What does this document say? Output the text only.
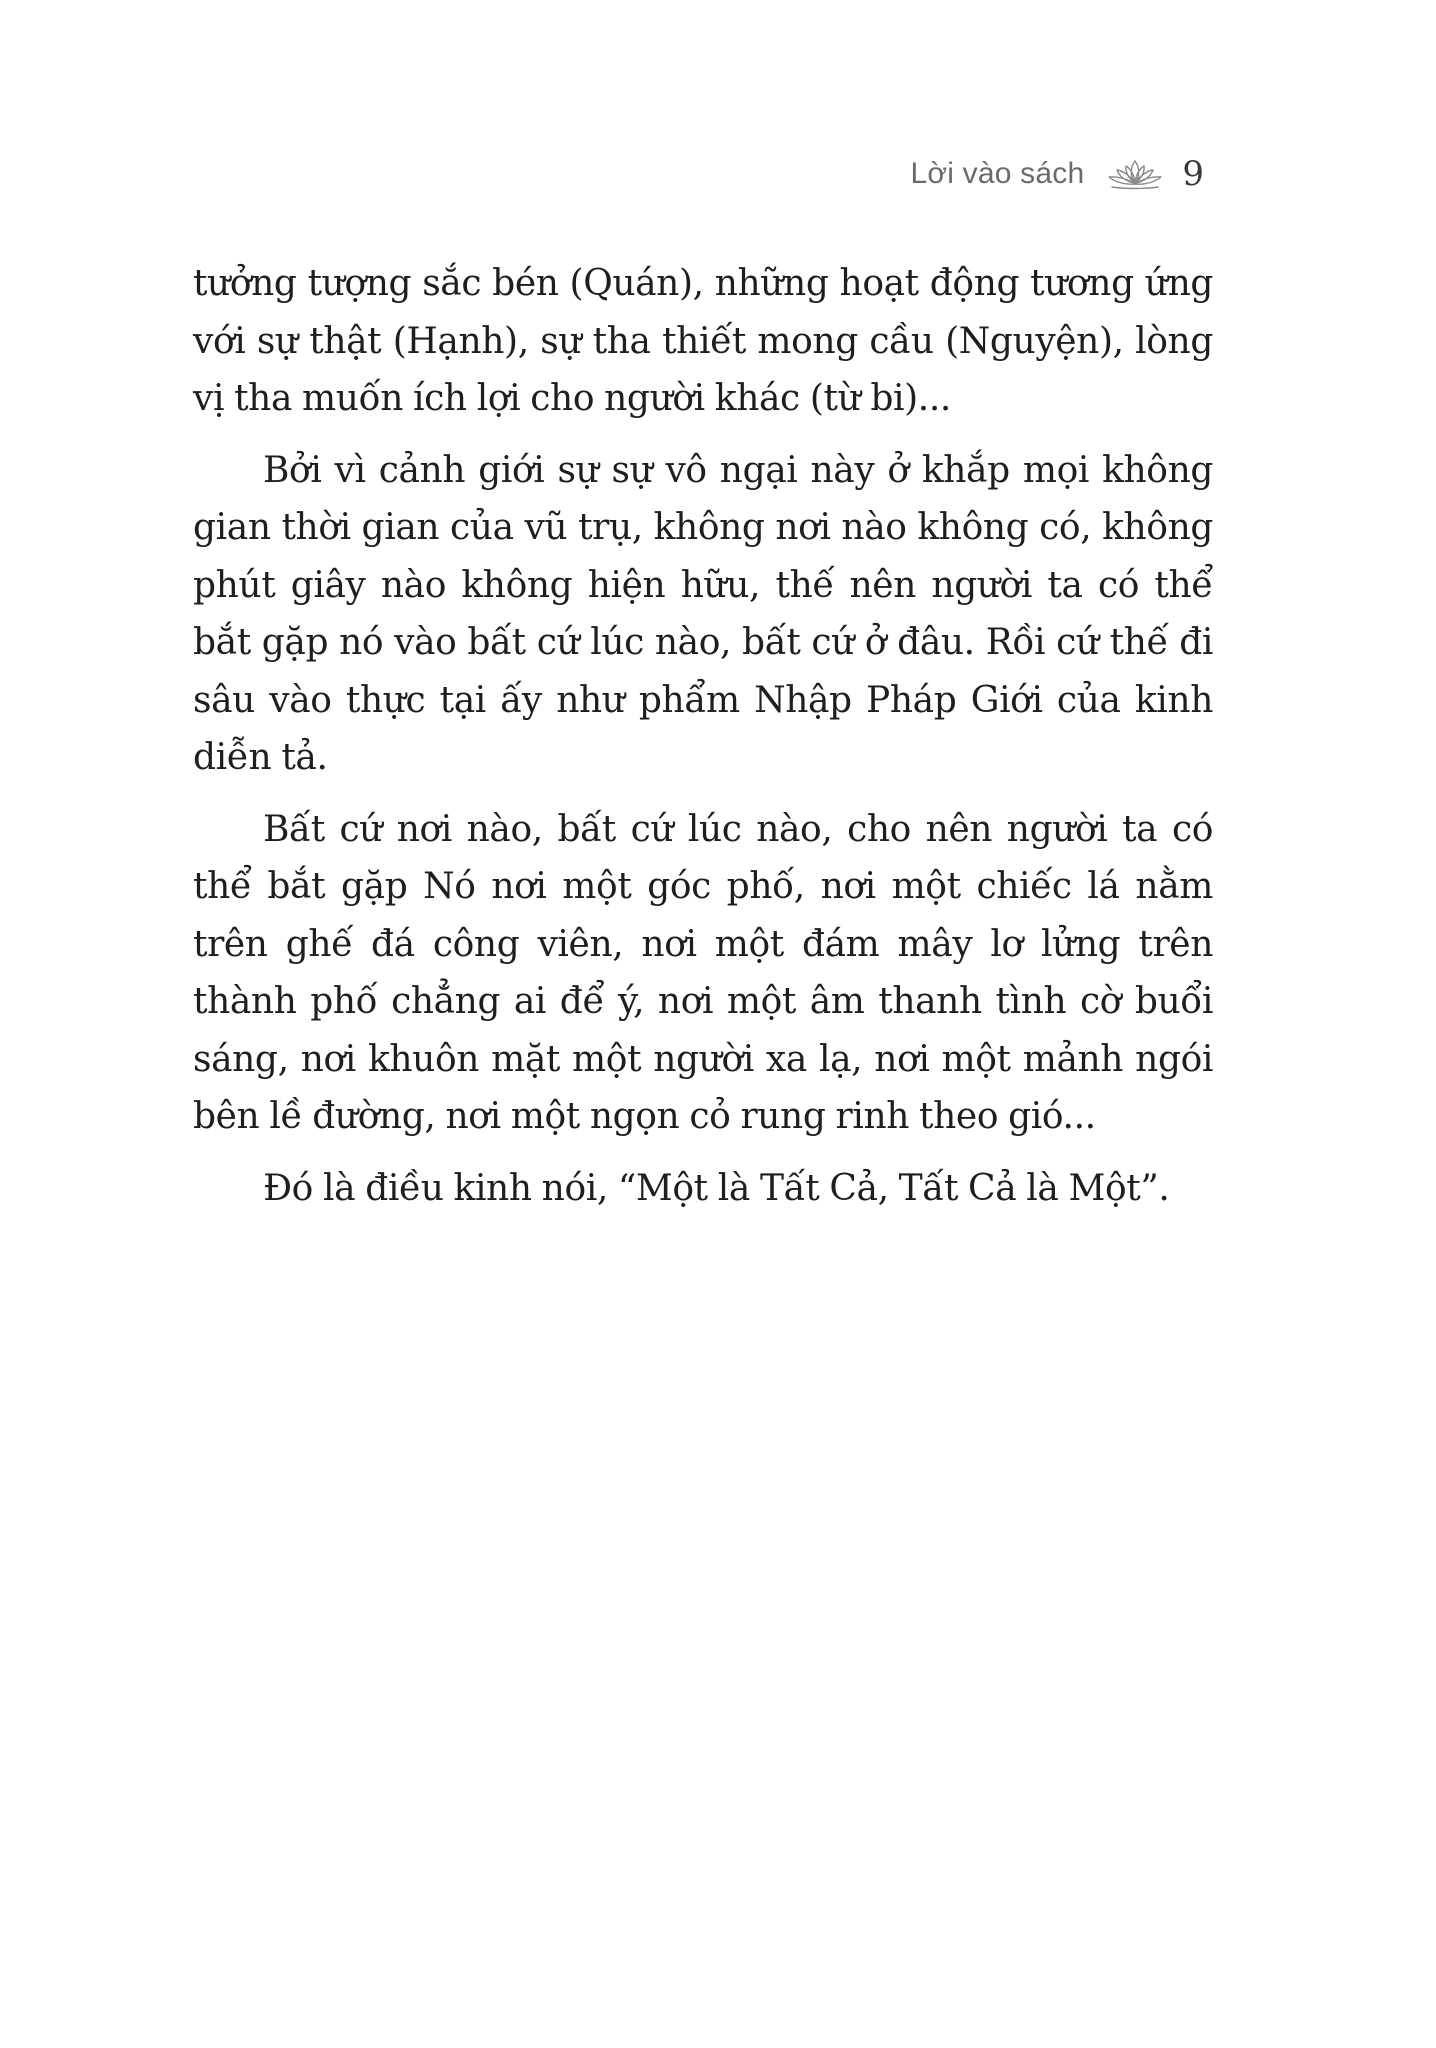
Lời vào sách	9

tưởng tượng sắc bén (Quán), những hoạt động tương ứng với sự thật (Hạnh), sự tha thiết mong cầu (Nguyện), lòng vị tha muốn ích lợi cho người khác (từ bi)...

Bởi vì cảnh giới sự sự vô ngại này ở khắp mọi không gian thời gian của vũ trụ, không nơi nào không có, không phút giây nào không hiện hữu, thế nên người ta có thể bắt gặp nó vào bất cứ lúc nào, bất cứ ở đâu. Rồi cứ thế đi sâu vào thực tại ấy như phẩm Nhập Pháp Giới của kinh diễn tả.

Bất cứ nơi nào, bất cứ lúc nào, cho nên người ta có thể bắt gặp Nó nơi một góc phố, nơi một chiếc lá nằm trên ghế đá công viên, nơi một đám mây lơ lửng trên thành phố chẳng ai để ý, nơi một âm thanh tình cờ buổi sáng, nơi khuôn mặt một người xa lạ, nơi một mảnh ngói bên lề đường, nơi một ngọn cỏ rung rinh theo gió...

Đó là điều kinh nói, “Một là Tất Cả, Tất Cả là Một”.
